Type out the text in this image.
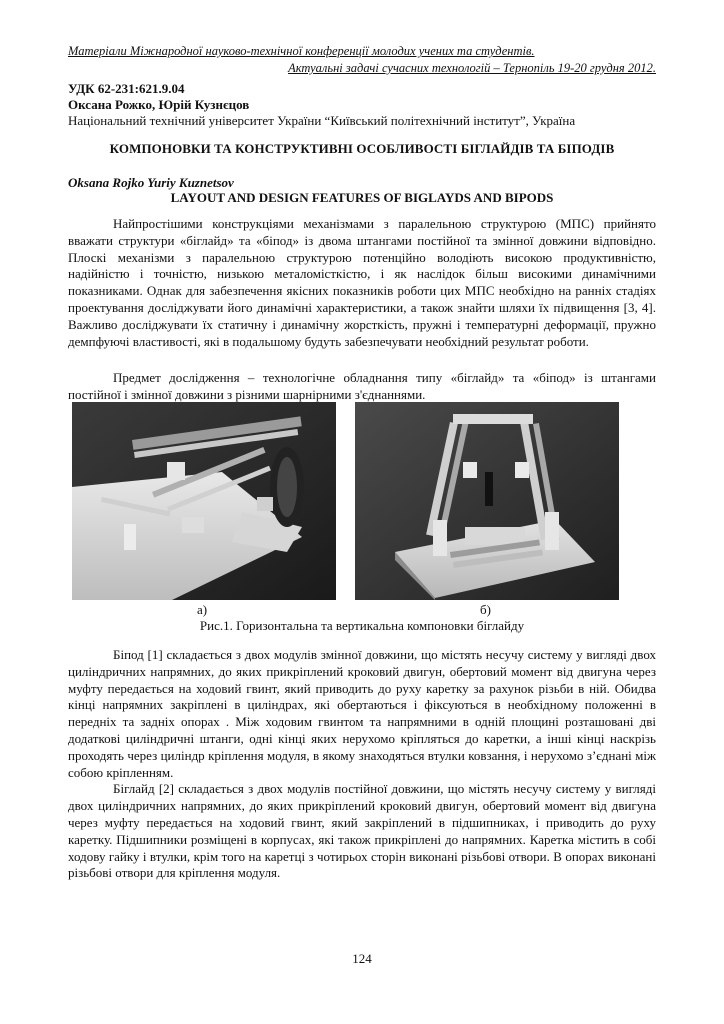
Матеріали Міжнародної науково-технічної конференції молодих учених та студентів.
Актуальні задачі сучасних технологій – Тернопіль 19-20 грудня 2012.
УДК 62-231:621.9.04
Оксана Рожко, Юрій Кузнєцов
Національний технічний університет України “Київський політехнічний інститут”, Україна
КОМПОНОВКИ ТА КОНСТРУКТИВНІ ОСОБЛИВОСТІ БІГЛАЙДІВ ТА БІПОДІВ
Oksana Rojko Yuriy Kuznetsov
LAYOUT AND DESIGN FEATURES OF BIGLAYDS AND BIPODS

Найпростішими конструкціями механізмами з паралельною структурою (МПС) прийнято вважати структури «біглайд» та «біпод» із двома штангами постійної та змінної довжини відповідно. Плоскі механізми з паралельною структурою потенційно володіють високою продуктивністю, надійністю і точністю, низькою металомісткістю, і як наслідок більш високими динамічними показниками. Однак для забезпечення якісних показників роботи цих МПС необхідно на ранніх стадіях проектування досліджувати його динамічні характеристики, а також знайти шляхи їх підвищення [3, 4]. Важливо досліджувати їх статичну і динамічну жорсткість, пружні і температурні деформації, пружно демпфуючі властивості, які в подальшому будуть забезпечувати необхідний результат роботи.

Предмет дослідження – технологічне обладнання типу «біглайд» та «біпод» із штангами постійної і змінної довжини з різними шарнірними з'єднаннями.

а)	б)
Рис.1. Горизонтальна та вертикальна компоновки біглайду

Біпод [1] складається з двох модулів змінної довжини, що містять несучу систему у вигляді двох циліндричних напрямних, до яких прикріплений кроковий двигун, обертовий момент від двигуна через муфту передається на ходовий гвинт, який приводить до руху каретку за рахунок різьби в ній. Обидва кінці напрямних закріплені в циліндрах, які обертаються і фіксуються в необхідному положенні в передніх та задніх опорах . Між ходовим гвинтом та напрямними в одній площині розташовані дві додаткові циліндричні штанги, одні кінці яких нерухомо кріпляться до каретки, а інші кінці наскрізь проходять через циліндр кріплення модуля, в якому знаходяться втулки ковзання, і нерухомо з’єднані між собою кріпленням.

Біглайд [2] складається з двох модулів постійної довжини, що містять несучу систему у вигляді двох циліндричних напрямних, до яких прикріплений кроковий двигун, обертовий момент від двигуна через муфту передається на ходовий гвинт, який закріплений в підшипниках, і приводить до руху каретку. Підшипники розміщені в корпусах, які також прикріплені до напрямних. Каретка містить в собі ходову гайку і втулки, крім того на каретці з чотирьох сторін виконані різьбові отвори. В опорах виконані різьбові отвори для кріплення модуля.

124
